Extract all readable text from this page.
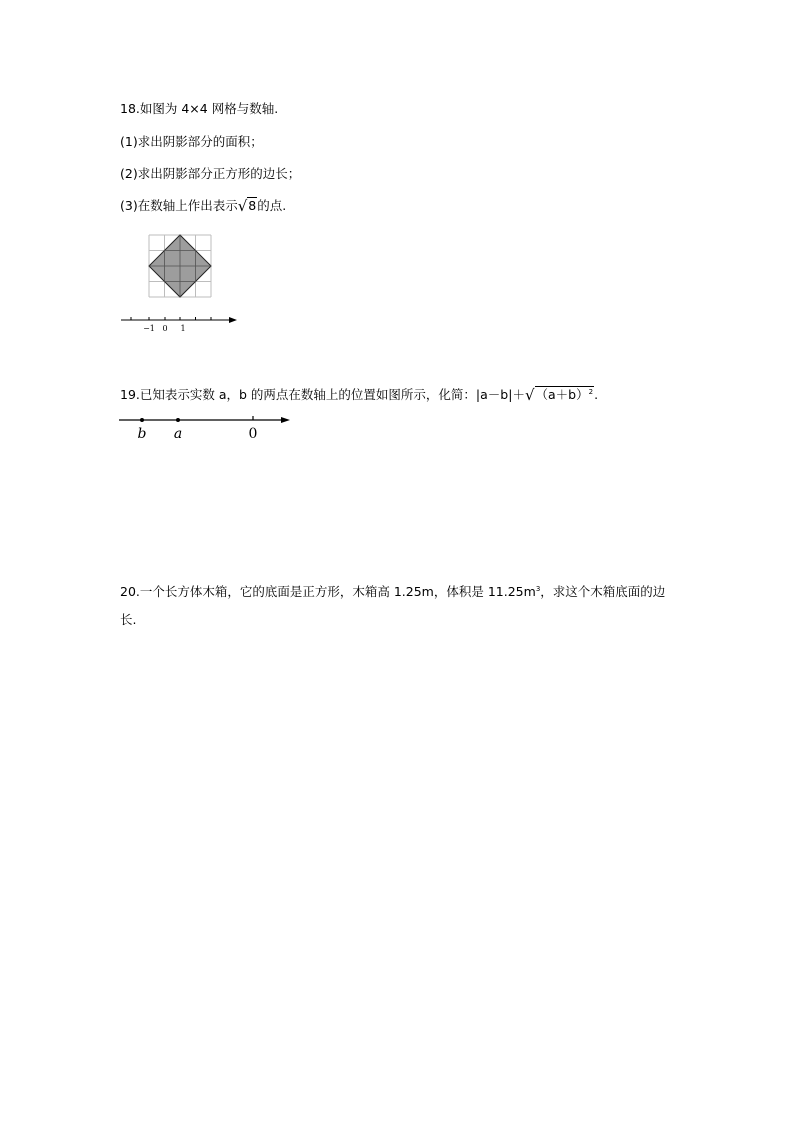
18.如图为 4×4 网格与数轴.
(1)求出阴影部分的面积；
(2)求出阴影部分正方形的边长；
(3)在数轴上作出表示√8的点.
−1 0 1
19.已知表示实数 a，b 的两点在数轴上的位置如图所示，化简：$|a-b|+√(a+b)^2$.
b a	0
20.一个长方体木箱，它的底面是正方形，木箱高 1.25m，体积是 $11.25m^3$，求这个木箱底面的边
长.
